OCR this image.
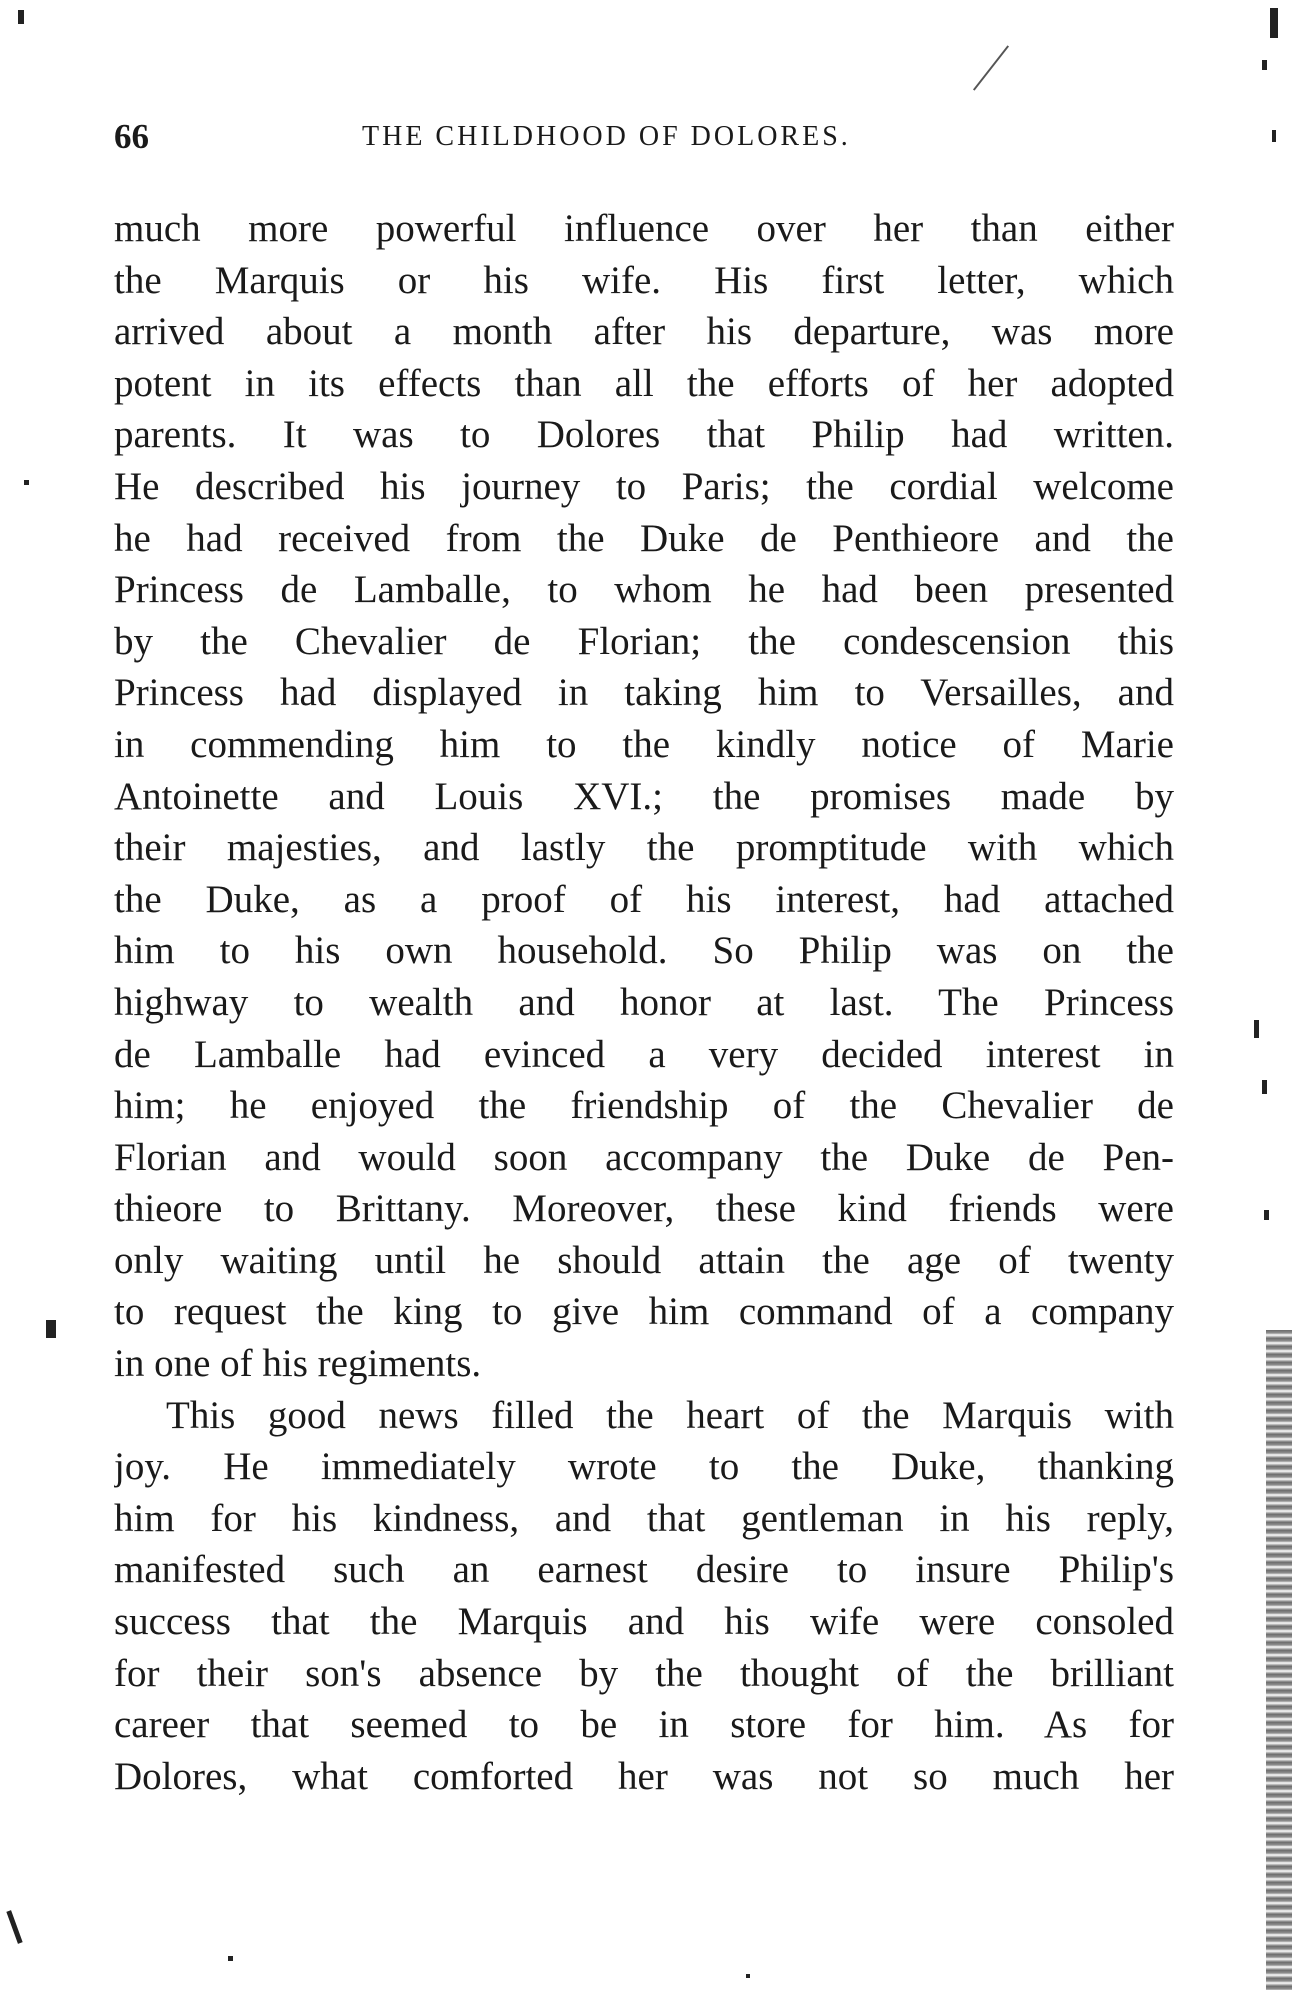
66	THE CHILDHOOD OF DOLORES.
much more powerful influence over her than either
the Marquis or his wife. His first letter, which
arrived about a month after his departure, was more
potent in its effects than all the efforts of her adopted
parents. It was to Dolores that Philip had written.
He described his journey to Paris; the cordial welcome
he had received from the Duke de Penthieore and the
Princess de Lamballe, to whom he had been presented
by the Chevalier de Florian; the condescension this
Princess had displayed in taking him to Versailles, and
in commending him to the kindly notice of Marie
Antoinette and Louis XVI.; the promises made by
their majesties, and lastly the promptitude with which
the Duke, as a proof of his interest, had attached
him to his own household. So Philip was on the
highway to wealth and honor at last. The Princess
de Lamballe had evinced a very decided interest in
him; he enjoyed the friendship of the Chevalier de
Florian and would soon accompany the Duke de Pen-
thieore to Brittany. Moreover, these kind friends were
only waiting until he should attain the age of twenty
to request the king to give him command of a company
in one of his regiments.
This good news filled the heart of the Marquis with
joy. He immediately wrote to the Duke, thanking
him for his kindness, and that gentleman in his reply,
manifested such an earnest desire to insure Philip's
success that the Marquis and his wife were consoled
for their son's absence by the thought of the brilliant
career that seemed to be in store for him. As for
Dolores, what comforted her was not so much her
